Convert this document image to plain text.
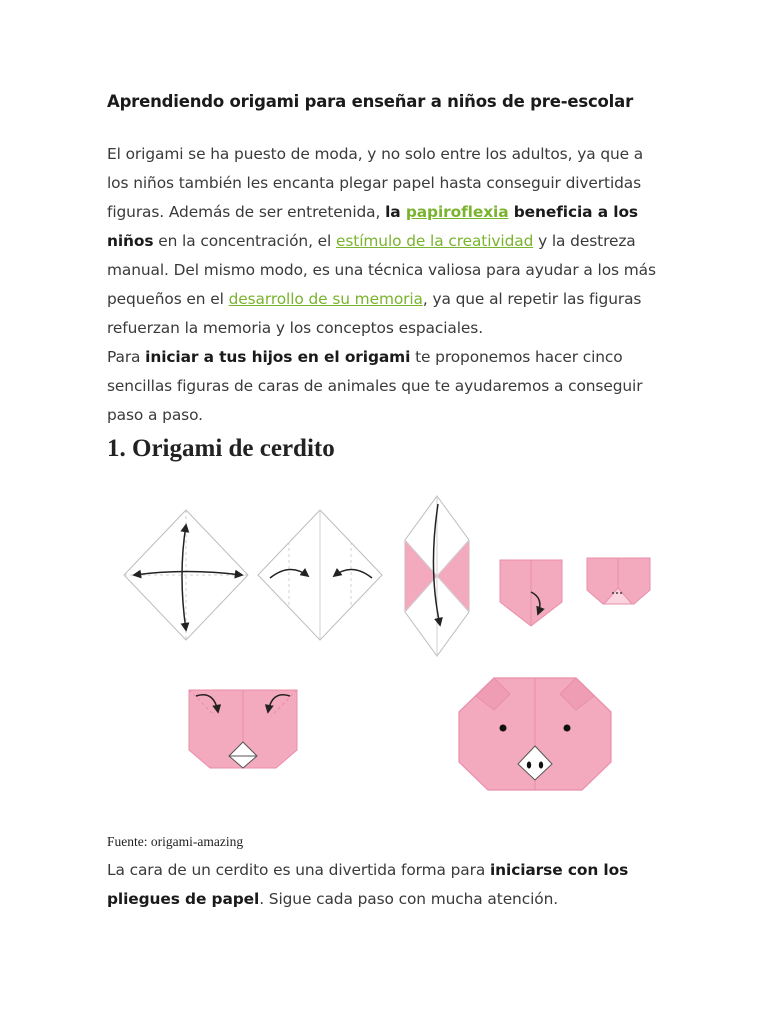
Aprendiendo origami para enseñar a niños de pre-escolar

El origami se ha puesto de moda, y no solo entre los adultos, ya que a los niños también les encanta plegar papel hasta conseguir divertidas figuras. Además de ser entretenida, la papiroflexia beneficia a los niños en la concentración, el estímulo de la creatividad y la destreza manual. Del mismo modo, es una técnica valiosa para ayudar a los más pequeños en el desarrollo de su memoria, ya que al repetir las figuras refuerzan la memoria y los conceptos espaciales.

Para iniciar a tus hijos en el origami te proponemos hacer cinco sencillas figuras de caras de animales que te ayudaremos a conseguir paso a paso.

1. Origami de cerdito

Fuente: origami-amazing

La cara de un cerdito es una divertida forma para iniciarse con los pliegues de papel. Sigue cada paso con mucha atención.
